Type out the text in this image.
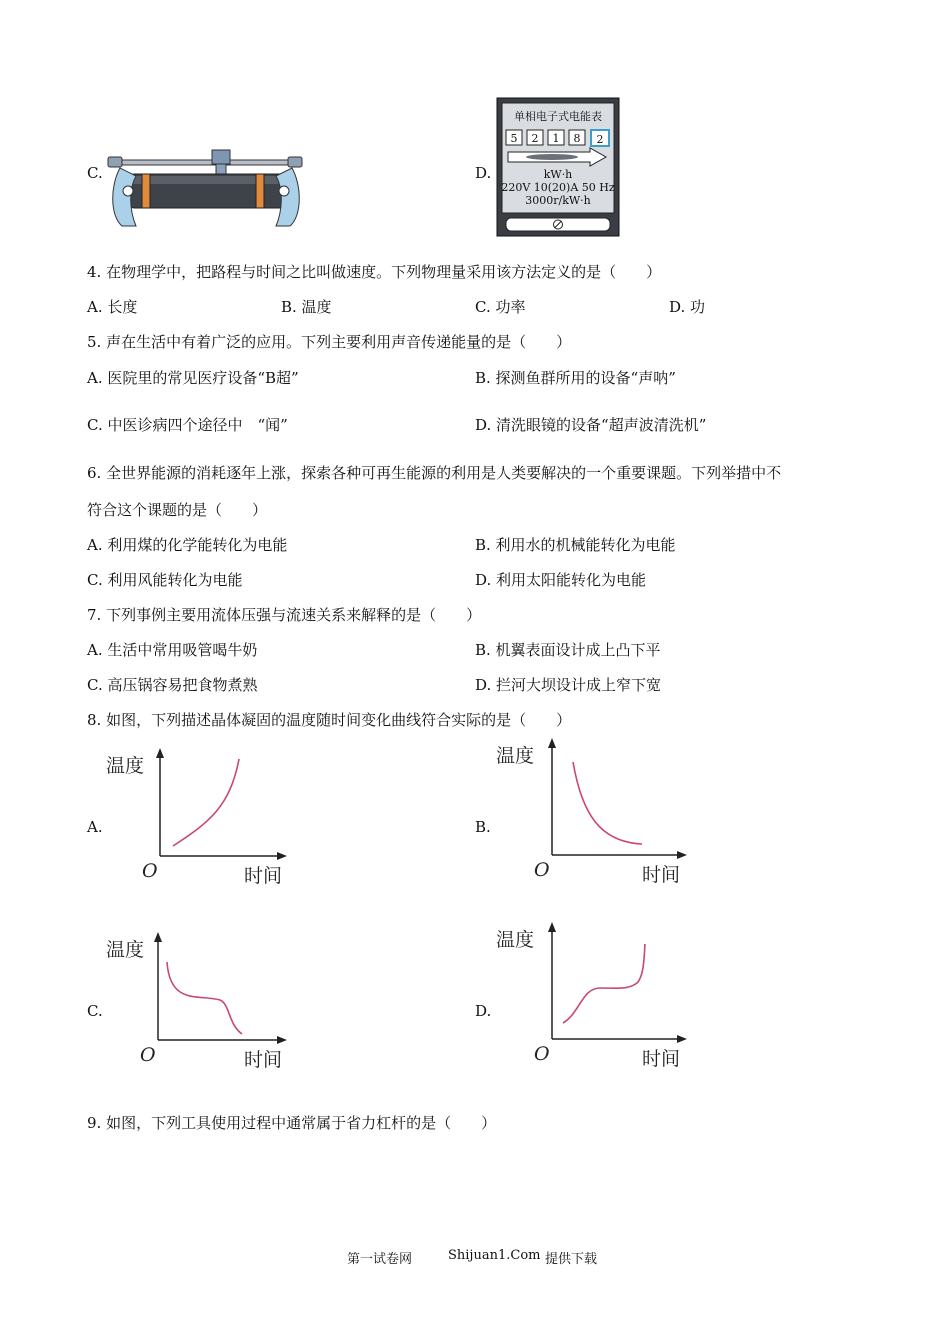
C.	D.
单相电子式电能表
5 2 1 8 2
kW·h
220V 10(20)A 50 Hz
3000r/kW·h
4. 在物理学中，把路程与时间之比叫做速度。下列物理量采用该方法定义的是（　　）
A. 长度	B. 温度	C. 功率	D. 功
5. 声在生活中有着广泛的应用。下列主要利用声音传递能量的是（　　）
A. 医院里的常见医疗设备“B超”	B. 探测鱼群所用的设备“声呐”
C. 中医诊病四个途径中　“闻”	D. 清洗眼镜的设备“超声波清洗机”
6. 全世界能源的消耗逐年上涨，探索各种可再生能源的利用是人类要解决的一个重要课题。下列举措中不
符合这个课题的是（　　）
A. 利用煤的化学能转化为电能	B. 利用水的机械能转化为电能
C. 利用风能转化为电能	D. 利用太阳能转化为电能
7. 下列事例主要用流体压强与流速关系来解释的是（　　）
A. 生活中常用吸管喝牛奶	B. 机翼表面设计成上凸下平
C. 高压锅容易把食物煮熟	D. 拦河大坝设计成上窄下宽
8. 如图，下列描述晶体凝固的温度随时间变化曲线符合实际的是（　　）
A.
温度
O	时间
B.
温度
O	时间
C.
温度
O	时间
D.
温度
O	时间
9. 如图，下列工具使用过程中通常属于省力杠杆的是（　　）
第一试卷网	Shijuan1.Com 提供下载
